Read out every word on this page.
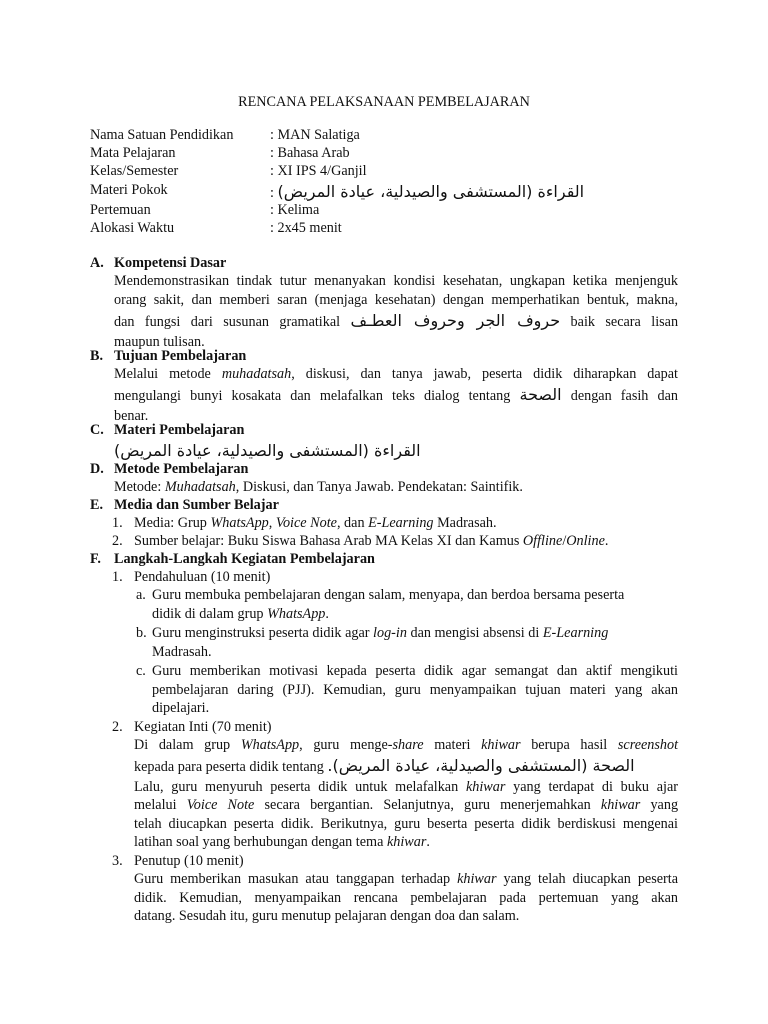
RENCANA PELAKSANAAN PEMBELAJARAN
Nama Satuan Pendidikan	: MAN Salatiga
Mata Pelajaran	: Bahasa Arab
Kelas/Semester	: XI IPS 4/Ganjil
Materi Pokok	: القراءة (المستشفى والصيدلية، عيادة المريض)
Pertemuan	: Kelima
Alokasi Waktu	: 2x45 menit
A. Kompetensi Dasar
Mendemonstrasikan tindak tutur menanyakan kondisi kesehatan, ungkapan ketika menjenguk
orang sakit, dan memberi saran (menjaga kesehatan) dengan memperhatikan bentuk, makna,
dan fungsi dari susunan gramatikal حروف الجر وحروف العطـف baik secara lisan
maupun tulisan.
B. Tujuan Pembelajaran
Melalui metode muhadatsah, diskusi, dan tanya jawab, peserta didik diharapkan dapat
mengulangi bunyi kosakata dan melafalkan teks dialog tentang الصحة dengan fasih dan
benar.
C. Materi Pembelajaran
القراءة (المستشفى والصيدلية، عيادة المريض)
D. Metode Pembelajaran
Metode: Muhadatsah, Diskusi, dan Tanya Jawab. Pendekatan: Saintifik.
E. Media dan Sumber Belajar
1. Media: Grup WhatsApp, Voice Note, dan E-Learning Madrasah.
2. Sumber belajar: Buku Siswa Bahasa Arab MA Kelas XI dan Kamus Offline/Online.
F. Langkah-Langkah Kegiatan Pembelajaran
1. Pendahuluan (10 menit)
a. Guru membuka pembelajaran dengan salam, menyapa, dan berdoa bersama peserta
didik di dalam grup WhatsApp.
b. Guru menginstruksi peserta didik agar log-in dan mengisi absensi di E-Learning
Madrasah.
c. Guru memberikan motivasi kepada peserta didik agar semangat dan aktif mengikuti
pembelajaran daring (PJJ). Kemudian, guru menyampaikan tujuan materi yang akan
dipelajari.
2. Kegiatan Inti (70 menit)
Di dalam grup WhatsApp, guru menge-share materi khiwar berupa hasil screenshot
kepada para peserta didik tentang الصحة (المستشفى والصيدلية، عيادة المريض).
Lalu, guru menyuruh peserta didik untuk melafalkan khiwar yang terdapat di buku ajar
melalui Voice Note secara bergantian. Selanjutnya, guru menerjemahkan khiwar yang
telah diucapkan peserta didik. Berikutnya, guru beserta peserta didik berdiskusi mengenai
latihan soal yang berhubungan dengan tema khiwar.
3. Penutup (10 menit)
Guru memberikan masukan atau tanggapan terhadap khiwar yang telah diucapkan peserta
didik. Kemudian, menyampaikan rencana pembelajaran pada pertemuan yang akan
datang. Sesudah itu, guru menutup pelajaran dengan doa dan salam.
